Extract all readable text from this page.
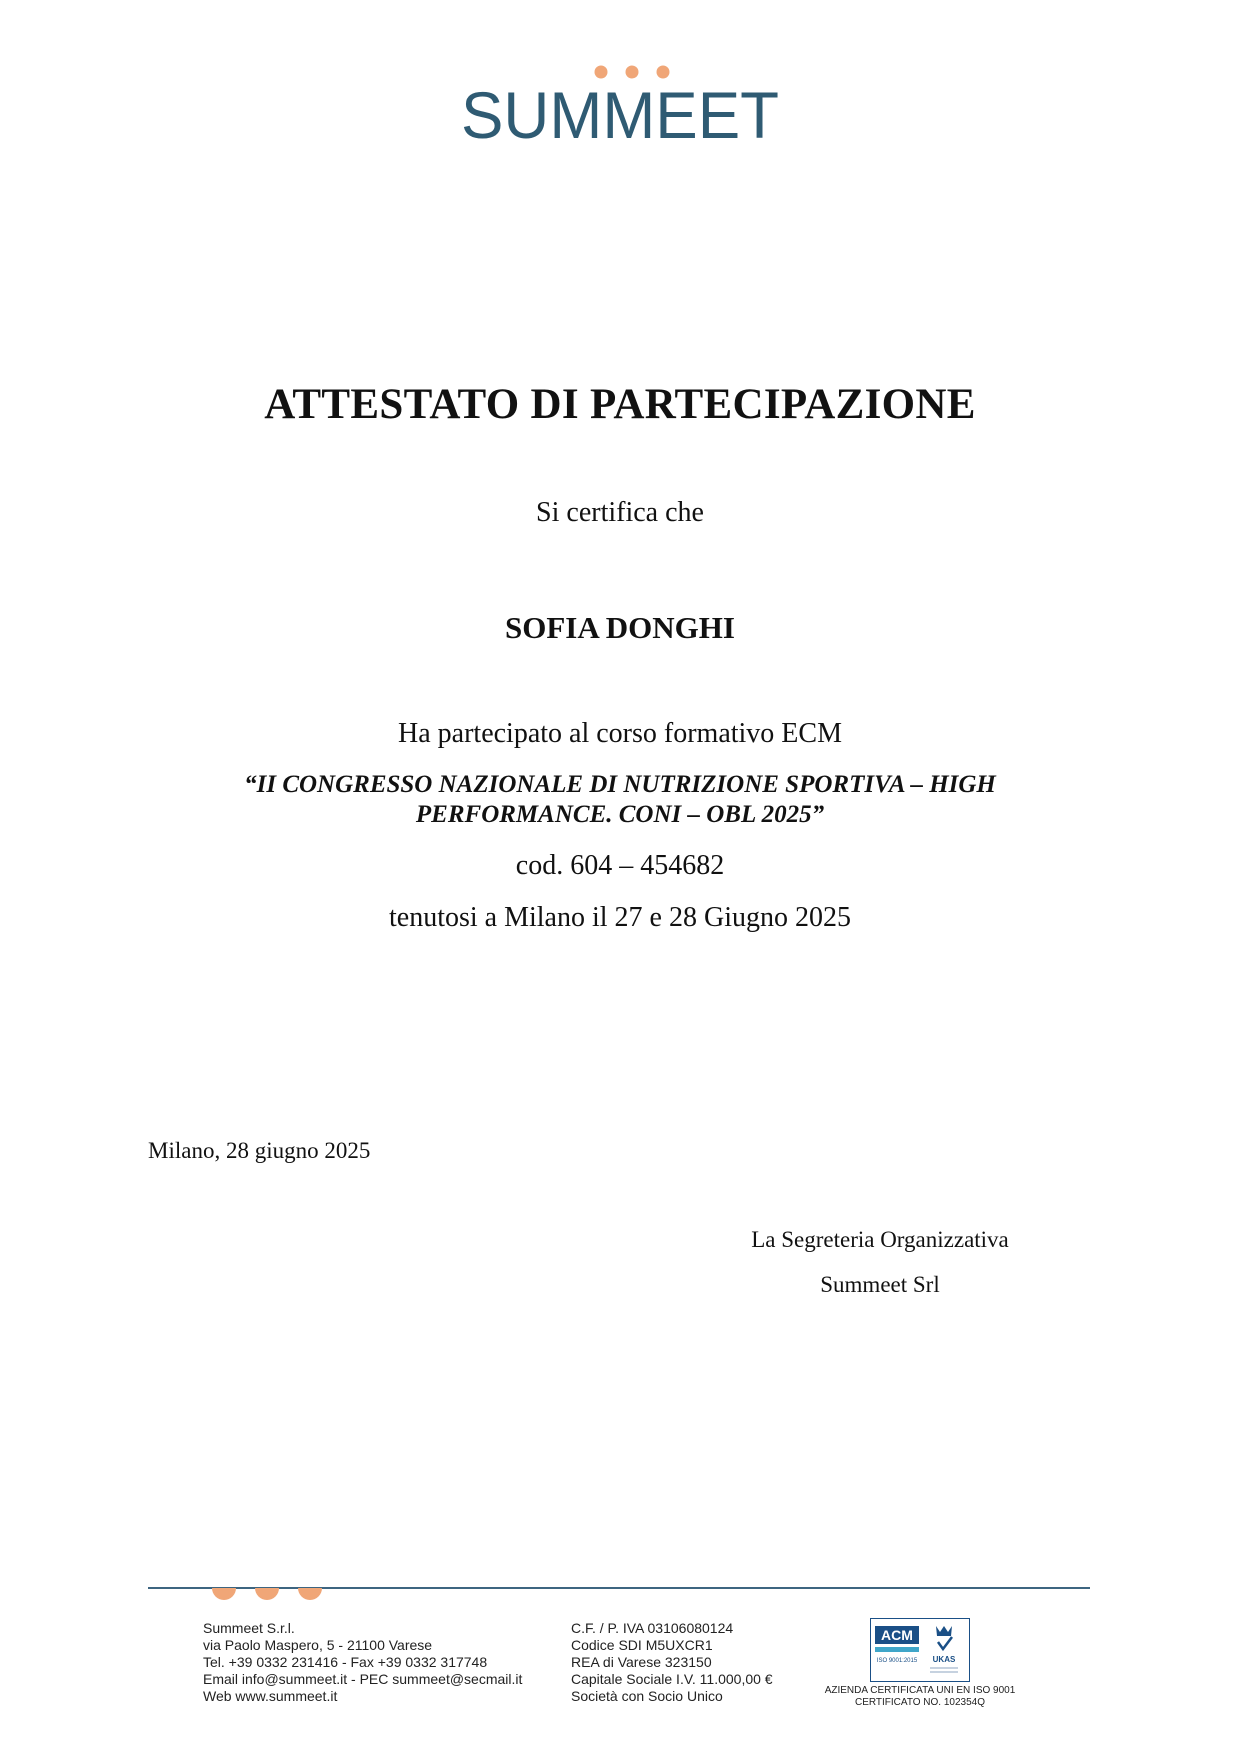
SUMMEET
ATTESTATO DI PARTECIPAZIONE
Si certifica che
SOFIA DONGHI
Ha partecipato al corso formativo ECM
“II CONGRESSO NAZIONALE DI NUTRIZIONE SPORTIVA – HIGH
PERFORMANCE. CONI – OBL 2025”
cod. 604 – 454682
tenutosi a Milano il 27 e 28 Giugno 2025
Milano, 28 giugno 2025
La Segreteria Organizzativa
Summeet Srl
Summeet S.r.l.
via Paolo Maspero, 5 - 21100 Varese
Tel. +39 0332 231416 - Fax +39 0332 317748
Email info@summeet.it - PEC summeet@secmail.it
Web www.summeet.it
C.F. / P. IVA 03106080124
Codice SDI M5UXCR1
REA di Varese 323150
Capitale Sociale I.V. 11.000,00 €
Società con Socio Unico
ACM
ISO 9001:2015 UKAS
AZIENDA CERTIFICATA UNI EN ISO 9001
CERTIFICATO NO. 102354Q
